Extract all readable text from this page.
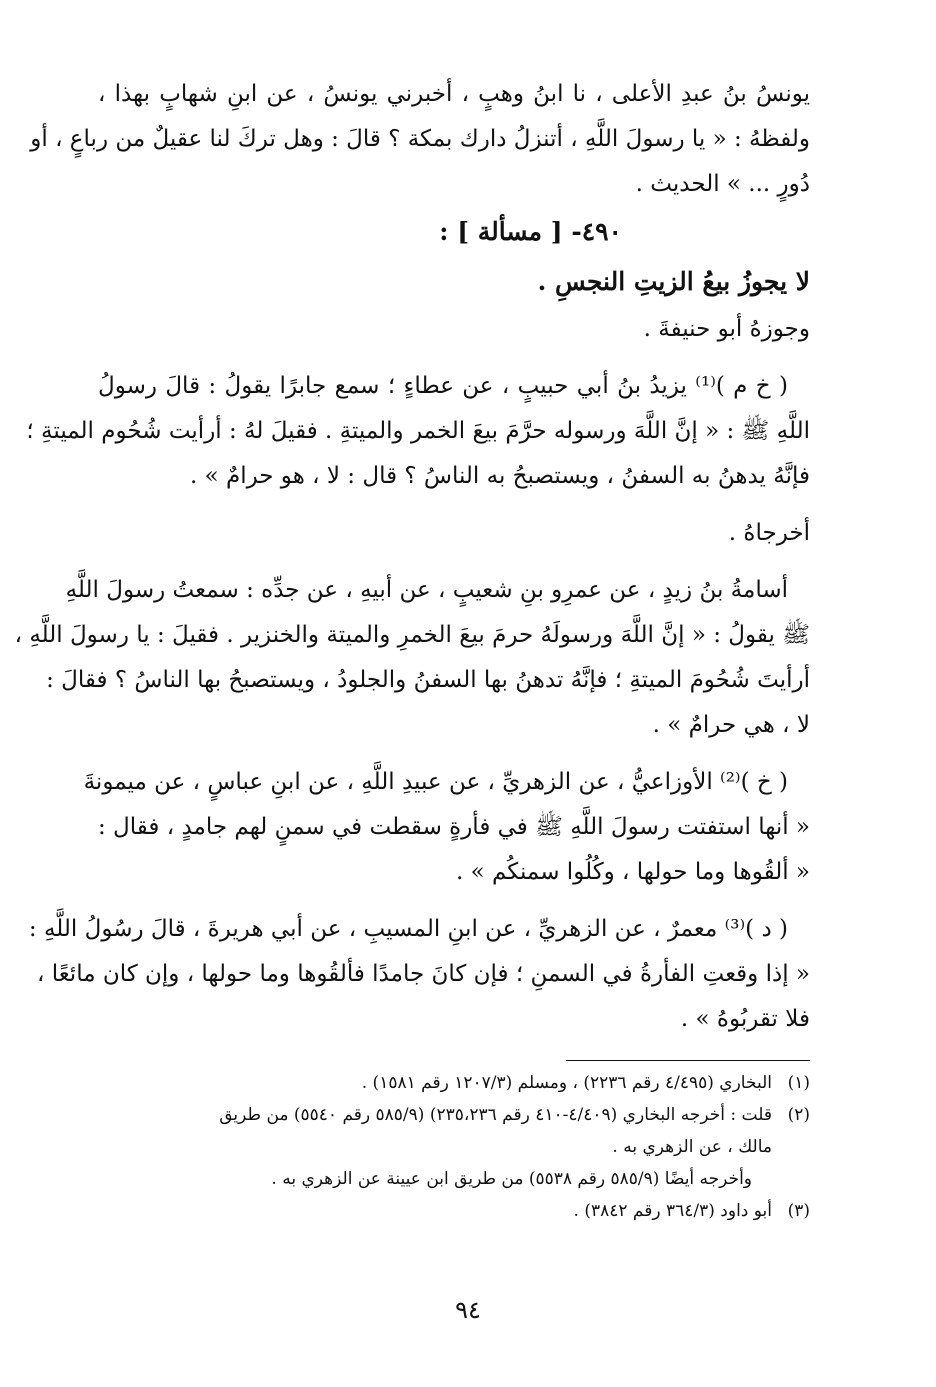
يونسُ بنُ عبدِ الأعلى ، نا ابنُ وهبٍ ، أخبرني يونسُ ، عن ابنِ شهابٍ بهذا ،
ولفظهُ : « يا رسولَ اللَّهِ ، أتنزلُ دارك بمكة ؟ قالَ : وهل تركَ لنا عقيلٌ من رباعٍ ، أو
دُورٍ ... » الحديث .
٤٩٠- [ مسألة ] :
لا يجوزُ بيعُ الزيتِ النجسِ .
وجوزهُ أبو حنيفةَ .
( خ م )⁽¹⁾ يزيدُ بنُ أبي حبيبٍ ، عن عطاءٍ ؛ سمع جابرًا يقولُ : قالَ رسولُ
اللَّهِ ﷺ : « إنَّ اللَّهَ ورسوله حرَّمَ بيعَ الخمر والميتةِ . فقيلَ لهُ : أرأيت شُحُوم الميتةِ ؛
فإنَّهُ يدهنُ به السفنُ ، ويستصبحُ به الناسُ ؟ قال : لا ، هو حرامٌ » .
أخرجاهُ .
أسامةُ بنُ زيدٍ ، عن عمرِو بنِ شعيبٍ ، عن أبيهِ ، عن جدِّه : سمعتُ رسولَ اللَّهِ
ﷺ يقولُ : « إنَّ اللَّهَ ورسولَهُ حرمَ بيعَ الخمرِ والميتة والخنزير . فقيلَ : يا رسولَ اللَّهِ ،
أرأيتَ شُحُومَ الميتةِ ؛ فإنَّهُ تدهنُ بها السفنُ والجلودُ ، ويستصبحُ بها الناسُ ؟ فقالَ :
لا ، هي حرامٌ » .
( خ )⁽²⁾ الأوزاعيُّ ، عن الزهريِّ ، عن عبيدِ اللَّهِ ، عن ابنِ عباسٍ ، عن ميمونةَ
« أنها استفتت رسولَ اللَّهِ ﷺ في فأرةٍ سقطت في سمنٍ لهم جامدٍ ، فقال :
« ألقُوها وما حولها ، وكُلُوا سمنكُم » .
( د )⁽³⁾ معمرٌ ، عن الزهريِّ ، عن ابنِ المسيبِ ، عن أبي هريرةَ ، قالَ رسُولُ اللَّهِ :
« إذا وقعتِ الفأرةُ في السمنِ ؛ فإن كانَ جامدًا فألقُوها وما حولها ، وإن كان مائعًا ،
فلا تقربُوهُ » .
(١)البخاري (٤/٤٩٥ رقم ٢٢٣٦) ، ومسلم (١٢٠٧/٣ رقم ١٥٨١) .
(٢)قلت : أخرجه البخاري (٤/٤٠٩-٤١٠ رقم ٢٣٥،٢٣٦) (٥٨٥/٩ رقم ٥٥٤٠) من طريق
مالك ، عن الزهري به .
وأخرجه أيضًا (٥٨٥/٩ رقم ٥٥٣٨) من طريق ابن عيينة عن الزهري به .
(٣)أبو داود (٣٦٤/٣ رقم ٣٨٤٢) .
٩٤
